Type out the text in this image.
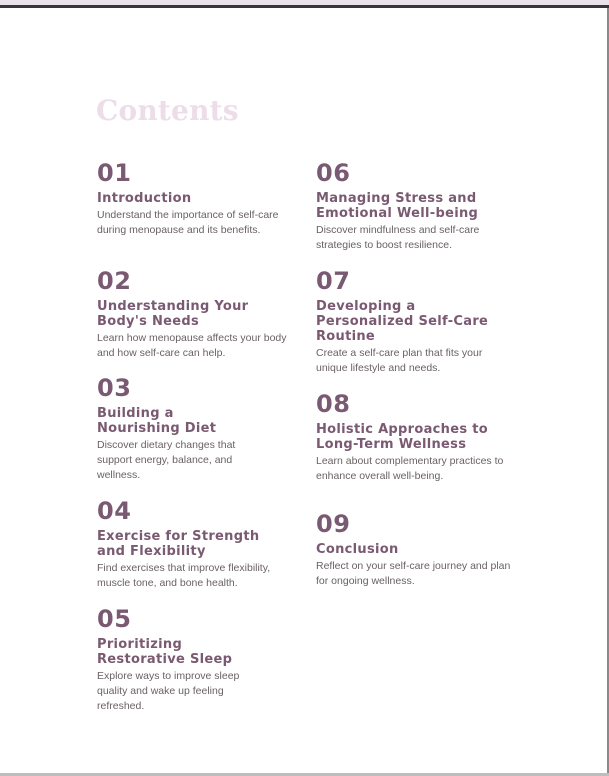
Contents
01
Introduction
Understand the importance of self-care during menopause and its benefits.
02
Understanding Your Body's Needs
Learn how menopause affects your body and how self-care can help.
03
Building a Nourishing Diet
Discover dietary changes that support energy, balance, and wellness.
04
Exercise for Strength and Flexibility
Find exercises that improve flexibility, muscle tone, and bone health.
05
Prioritizing Restorative Sleep
Explore ways to improve sleep quality and wake up feeling refreshed.
06
Managing Stress and Emotional Well-being
Discover mindfulness and self-care strategies to boost resilience.
07
Developing a Personalized Self-Care Routine
Create a self-care plan that fits your unique lifestyle and needs.
08
Holistic Approaches to Long-Term Wellness
Learn about complementary practices to enhance overall well-being.
09
Conclusion
Reflect on your self-care journey and plan for ongoing wellness.
